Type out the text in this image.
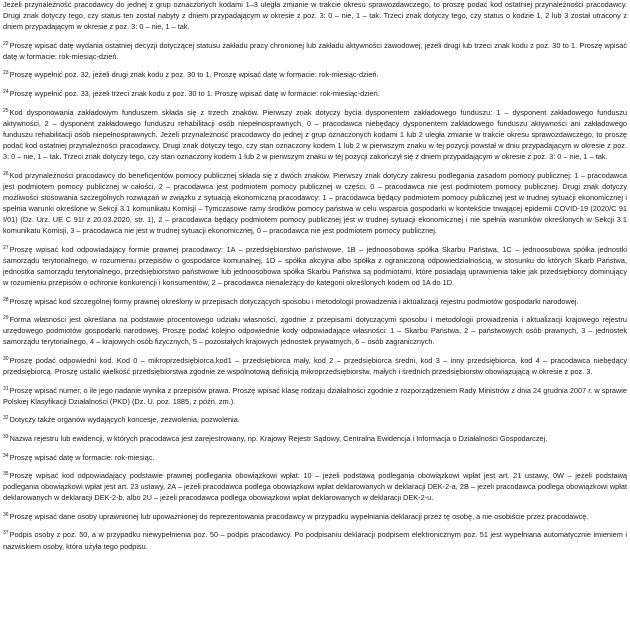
Jeżeli przynależność pracodawcy do jednej z grup oznaczonych kodami 1–3 uległa zmianie w trakcie okresu sprawozdawczego, to proszę podać kod ostatniej przynależności pracodawcy. Drugi znak dotyczy tego, czy status ten został nabyty z dniem przypadającym w okresie z poz. 3: 0 – nie, 1 – tak. Trzeci znak dotyczy tego, czy status o kodzie 1, 2 lub 3 został utracony z dniem przypadającym w okresie z poz. 3: 0 – nie, 1 – tak.

$^{22}$Proszę wpisać datę wydania ostatniej decyzji dotyczącej statusu zakładu pracy chronionej lub zakładu aktywności zawodowej, jeżeli drugi lub trzeci znak kodu z poz. 30 to 1. Proszę wpisać datę w formacie: rok-miesiąc-dzień.

$^{23}$Proszę wypełnić poz. 32, jeżeli drugi znak kodu z poz. 30 to 1. Proszę wpisać datę w formacie: rok-miesiąc-dzień.

$^{24}$Proszę wypełnić poz. 33, jeżeli trzeci znak kodu z poz. 30 to 1. Proszę wpisać datę w formacie: rok-miesiąc-dzień.

$^{25}$Kod dysponowania zakładowym funduszem składa się z trzech znaków. Pierwszy znak dotyczy bycia dysponentem zakładowego funduszu: 1 – dysponent zakładowego funduszu aktywności, 2 – dysponent zakładowego funduszu rehabilitacji osób niepełnosprawnych, 0 – pracodawca niebędący dysponentem zakładowego funduszu aktywności ani zakładowego funduszu rehabilitacji osób niepełnosprawnych. Jeżeli przynależność pracodawcy do jednej z grup oznaczonych kodami 1 lub 2 uległa zmianie w trakcie okresu sprawozdawczego, to proszę podać kod ostatniej przynależności pracodawcy. Drugi znak dotyczy tego, czy stan oznaczony kodem 1 lub 2 w pierwszym znaku w tej pozycji powstał w dniu przypadającym w okresie z poz. 3: 0 – nie, 1 – tak. Trzeci znak dotyczy tego, czy stan oznaczony kodem 1 lub 2 w pierwszym znaku w tej pozycji zakończył się z dniem przypadającym w okresie z poz. 3: 0 – nie, 1 – tak.

$^{26}$Kod przynależności pracodawcy do beneficjentów pomocy publicznej składa się z dwóch znaków. Pierwszy znak dotyczy zakresu podlegania zasadom pomocy publicznej: 1 – pracodawca jest podmiotem pomocy publicznej w całości, 2 – pracodawca jest podmiotem pomocy publicznej w części, 0 – pracodawca nie jest podmiotem pomocy publicznej. Drugi znak dotyczy możliwości stosowania szczególnych rozwiązań w związku z sytuacją ekonomiczną pracodawcy: 1 – pracodawca będący podmiotem pomocy publicznej jest w trudnej sytuacji ekonomicznej i spełnia warunki określone w Sekcji 3.1 komunikatu Komisji – Tymczasowe ramy środków pomocy państwa w celu wsparcia gospodarki w kontekście trwającej epidemii COVID-19 (2020/C 91 I/01) (Dz. Urz. UE C 91I z 20.03.2020, str. 1), 2 – pracodawca będący podmiotem pomocy publicznej jest w trudnej sytuacji ekonomicznej i nie spełnia warunków określonych w Sekcji 3.1 komunikatu Komisji, 3 – pracodawca nie jest w trudnej sytuacji ekonomicznej, 0 – pracodawca nie jest podmiotem pomocy publicznej.

$^{27}$Proszę wpisać kod odpowiadający formie prawnej pracodawcy: 1A – przedsiębiorstwo państwowe, 1B – jednoosobowa spółka Skarbu Państwa, 1C – jednoosobowa spółka jednostki samorządu terytorialnego, w rozumieniu przepisów o gospodarce komunalnej, 1D – spółka akcyjna albo spółka z ograniczoną odpowiedzialnością, w stosunku do których Skarb Państwa, jednostka samorządu terytorialnego, przedsiębiorstwo państwowe lub jednoosobowa spółka Skarbu Państwa są podmiotami, które posiadają uprawnienia takie jak przedsiębiorcy dominujący w rozumieniu przepisów o ochronie konkurencji i konsumentów, 2 – pracodawca nienależący do kategorii określonych kodem od 1A do 1D.

$^{28}$Proszę wpisać kod szczególnej formy prawnej określony w przepisach dotyczących sposobu i metodologii prowadzenia i aktualizacji rejestru podmiotów gospodarki narodowej.

$^{29}$Forma własności jest określana na podstawie procentowego udziału własności, zgodnie z przepisami dotyczącymi sposobu i metodologii prowadzenia i aktualizacji krajowego rejestru urzędowego podmiotów gospodarki narodowej. Proszę podać kolejno odpowiednie kody odpowiadające własności: 1 – Skarbu Państwa, 2 – państwowych osób prawnych, 3 – jednostek samorządu terytorialnego, 4 – krajowych osób fizycznych, 5 – pozostałych krajowych jednostek prywatnych, 6 – osób zagranicznych.

$^{30}$Proszę podać odpowiedni kod. Kod 0 – mikroprzedsiębiorca,kod1 – przedsiębiorca mały, kod 2 – przedsiębiorca średni, kod 3 – inny przedsiębiorca, kod 4 – pracodawca niebędący przedsiębiorcą. Proszę ustalić wielkość przedsiębiorstwa zgodnie ze wspólnotową definicją mikroprzedsiębiorstw, małych i średnich przedsiębiorstw obowiązującą w okresie z poz. 3.

$^{31}$Proszę wpisać numer, o ile jego nadanie wynika z przepisów prawa. Proszę wpisać klasę rodzaju działalności zgodnie z rozporządzeniem Rady Ministrów z dnia 24 grudnia 2007 r. w sprawie Polskiej Klasyfikacji Działalności (PKD) (Dz. U. poz. 1885, z późn. zm.).

$^{32}$Dotyczy także organów wydających koncesje, zezwolenia, pozwolenia.

$^{33}$Nazwa rejestru lub ewidencji, w których pracodawca jest zarejestrowany, np. Krajowy Rejestr Sądowy, Centralna Ewidencja i Informacja o Działalności Gospodarczej.

$^{34}$Proszę wpisać datę w formacie: rok-miesiąc.

$^{35}$Proszę wpisać kod odpowiadający podstawie prawnej podlegania obowiązkowi wpłat: 10 – jeżeli podstawą podlegania obowiązkowi wpłat jest art. 21 ustawy, 0W – jeżeli podstawą podlegania obowiązkowi wpłat jest art. 23 ustawy, 2A – jeżeli pracodawca podlega obowiązkowi wpłat deklarowanych w deklaracji DEK-2-a, 2B – jeżeli pracodawca podlega obowiązkowi wpłat deklarowanych w deklaracji DEK-2-b, albo 2U – jeżeli pracodawca podlega obowiązkowi wpłat deklarowanych w deklaracji DEK-2-u.

$^{36}$Proszę wpisać dane osoby uprawnionej lub upoważnionej do reprezentowania pracodawcy w przypadku wypełniania deklaracji przez tę osobę, a nie osobiście przez pracodawcę.

$^{37}$Podpis osoby z poz. 50, a w przypadku niewypełnienia poz. 50 – podpis pracodawcy. Po podpisaniu deklaracji podpisem elektronicznym poz. 51 jest wypełniana automatycznie imieniem i nazwiskiem osoby, która użyła tego podpisu.
